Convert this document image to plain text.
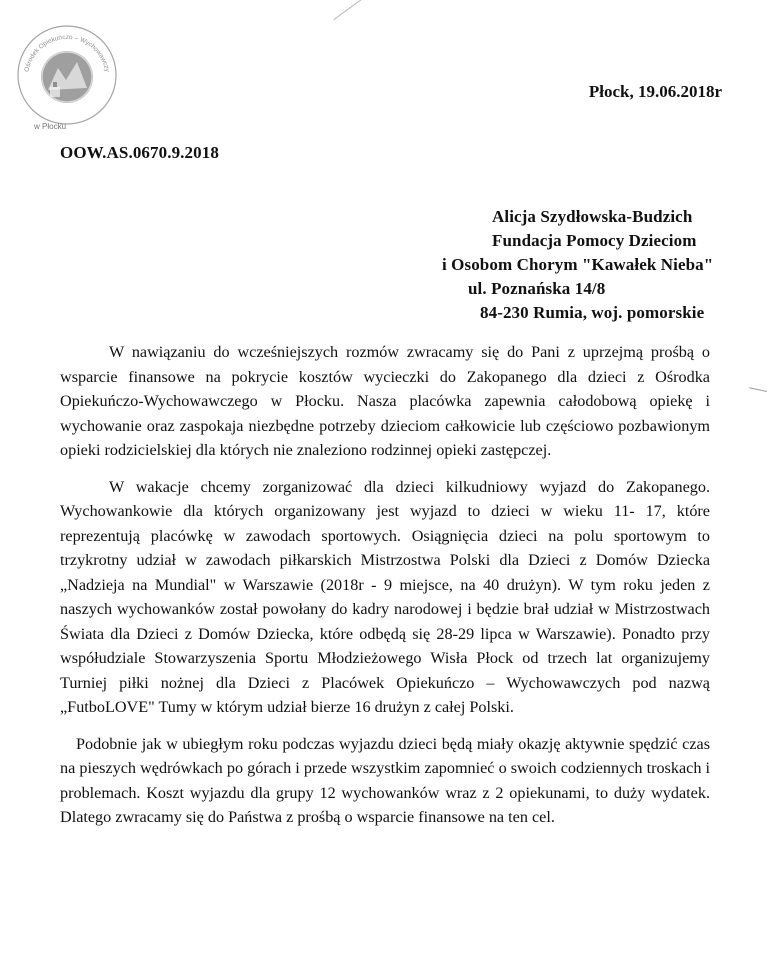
Ośrodek Opiekuńczo – Wychowawczy
w Płocku
Płock, 19.06.2018r
OOW.AS.0670.9.2018
Alicja Szydłowska-Budzich
Fundacja Pomocy Dzieciom
i Osobom Chorym "Kawałek Nieba"
ul. Poznańska 14/8
84-230 Rumia, woj. pomorskie

W nawiązaniu do wcześniejszych rozmów zwracamy się do Pani z uprzejmą prośbą o wsparcie finansowe na pokrycie kosztów wycieczki do Zakopanego dla dzieci z Ośrodka Opiekuńczo-Wychowawczego w Płocku. Nasza placówka zapewnia całodobową opiekę i wychowanie oraz zaspokaja niezbędne potrzeby dzieciom całkowicie lub częściowo pozbawionym opieki rodzicielskiej dla których nie znaleziono rodzinnej opieki zastępczej.

W wakacje chcemy zorganizować dla dzieci kilkudniowy wyjazd do Zakopanego. Wychowankowie dla których organizowany jest wyjazd to dzieci w wieku 11- 17, które reprezentują placówkę w zawodach sportowych. Osiągnięcia dzieci na polu sportowym to trzykrotny udział w zawodach piłkarskich Mistrzostwa Polski dla Dzieci z Domów Dziecka „Nadzieja na Mundial" w Warszawie (2018r - 9 miejsce, na 40 drużyn). W tym roku jeden z naszych wychowanków został powołany do kadry narodowej i będzie brał udział w Mistrzostwach Świata dla Dzieci z Domów Dziecka, które odbędą się 28-29 lipca w Warszawie). Ponadto przy współudziale Stowarzyszenia Sportu Młodzieżowego Wisła Płock od trzech lat organizujemy Turniej piłki nożnej dla Dzieci z Placówek Opiekuńczo – Wychowawczych pod nazwą „FutboLOVE" Tumy w którym udział bierze 16 drużyn z całej Polski.

Podobnie jak w ubiegłym roku podczas wyjazdu dzieci będą miały okazję aktywnie spędzić czas na pieszych wędrówkach po górach i przede wszystkim zapomnieć o swoich codziennych troskach i problemach. Koszt wyjazdu dla grupy 12 wychowanków wraz z 2 opiekunami, to duży wydatek. Dlatego zwracamy się do Państwa z prośbą o wsparcie finansowe na ten cel.
